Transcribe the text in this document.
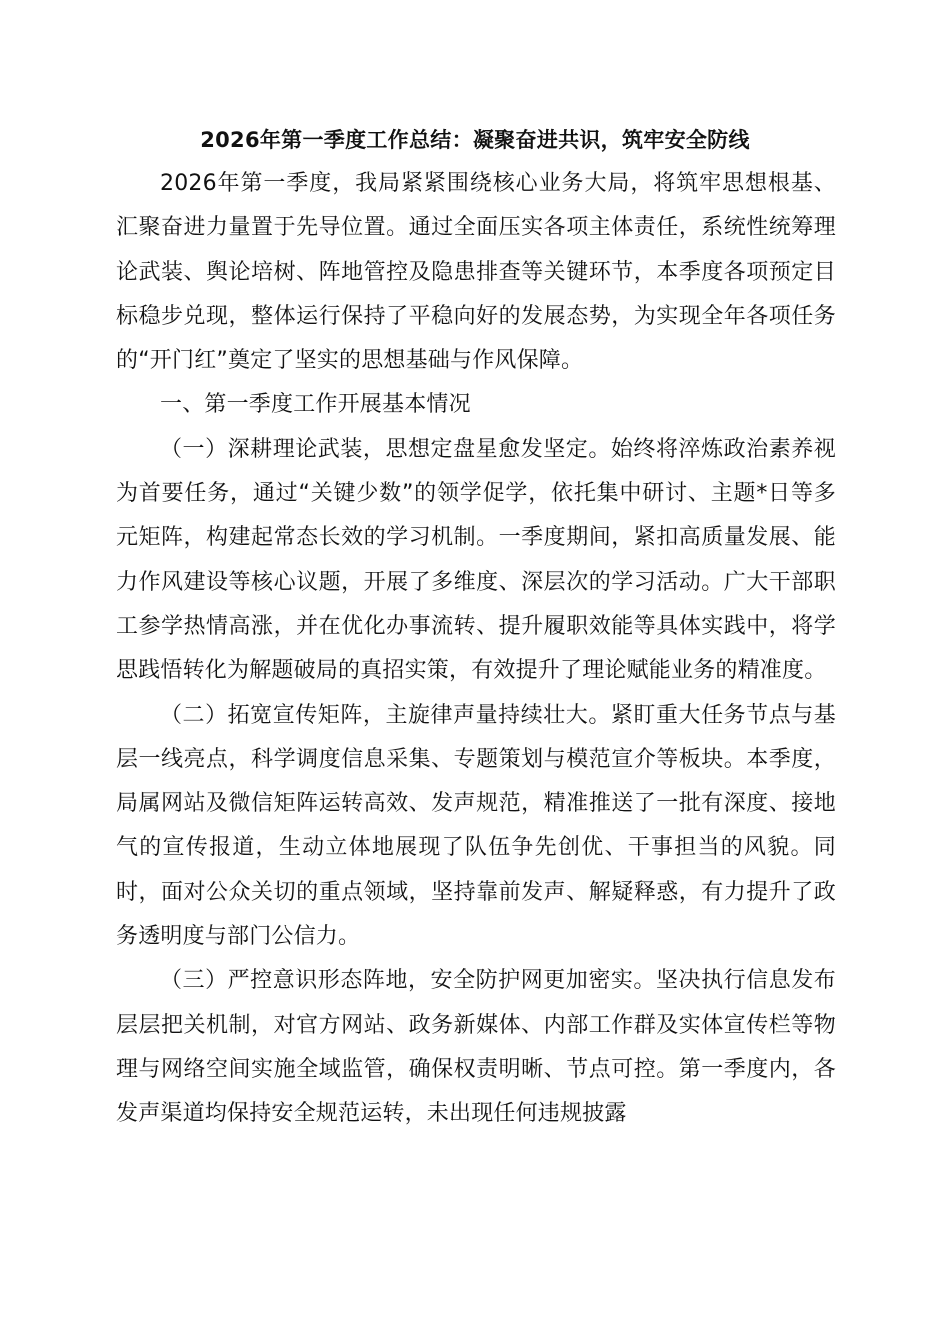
2026年第一季度工作总结：凝聚奋进共识，筑牢安全防线

2026年第一季度，我局紧紧围绕核心业务大局，将筑牢思想根基、汇聚奋进力量置于先导位置。通过全面压实各项主体责任，系统性统筹理论武装、舆论培树、阵地管控及隐患排查等关键环节，本季度各项预定目标稳步兑现，整体运行保持了平稳向好的发展态势，为实现全年各项任务的“开门红”奠定了坚实的思想基础与作风保障。

一、第一季度工作开展基本情况

（一）深耕理论武装，思想定盘星愈发坚定。始终将淬炼政治素养视为首要任务，通过“关键少数”的领学促学，依托集中研讨、主题*日等多元矩阵，构建起常态长效的学习机制。一季度期间，紧扣高质量发展、能力作风建设等核心议题，开展了多维度、深层次的学习活动。广大干部职工参学热情高涨，并在优化办事流转、提升履职效能等具体实践中，将学思践悟转化为解题破局的真招实策，有效提升了理论赋能业务的精准度。

（二）拓宽宣传矩阵，主旋律声量持续壮大。紧盯重大任务节点与基层一线亮点，科学调度信息采集、专题策划与模范宣介等板块。本季度，局属网站及微信矩阵运转高效、发声规范，精准推送了一批有深度、接地气的宣传报道，生动立体地展现了队伍争先创优、干事担当的风貌。同时，面对公众关切的重点领域，坚持靠前发声、解疑释惑，有力提升了政务透明度与部门公信力。

（三）严控意识形态阵地，安全防护网更加密实。坚决执行信息发布层层把关机制，对官方网站、政务新媒体、内部工作群及实体宣传栏等物理与网络空间实施全域监管，确保权责明晰、节点可控。第一季度内，各发声渠道均保持安全规范运转，未出现任何违规披露
